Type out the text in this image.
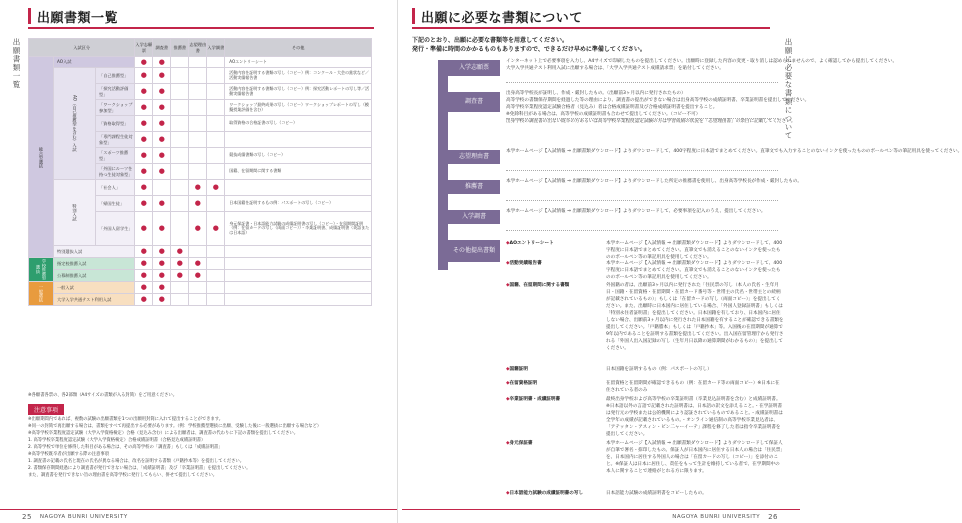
出願書類一覧
出願書類一覧
入試区分			入学志願票	調査書	推薦書	志望理由書	入学調書	その他
総合型選抜	AO入試		●	●				AOエントリーシート
	AO（自己推薦型を含む）入試	「自己推薦型」	●	●				活動内容を証明する書類の写し（コピー）例：コンクール・大会の賞状など／活動実績報告書
		「探究活動評価型」	●	●				活動内容を証明する書類の写し（コピー）例：探究活動レポートの写し等／活動実績報告書
		「ワークショップ参加型」	●	●				ワークショップ最終成果の写し（コピー）ワークショップレポートの写し（模擬授業評価を含む）
		「資格取得型」	●	●				取得資格の合格証書の写し（コピー）
		「専門課程生徒対象型」	●	●				
		「スポーツ推薦型」	●	●				競技成績書類の写し（コピー）
		「外国にルーツを持つ生徒対象型」	●	●				国籍、在留期間に関する書類
	特別入試	「社会人」	●			●	●	
		「帰国生徒」	●	●		●		日本国籍を証明するもの例：パスポートの写し（コピー）
		「外国人留学生」	●	●		●	●	身元保証書・日本語能力試験の成績証明書の写し（コピー）・在留期間証明（例：在留カードの写し（両面コピー））・卒業証明書、成績証明書（英語または日本語）
	特別選抜入試		●	●	●			
学校推薦型選抜	指定校推薦入試		●	●	●	●		
	公募制推薦入試		●	●	●	●		
一般選抜	一般入試		●	●				
	大学入学共通テスト利用入試		●	●				
※各願書各票の、各2部類（A4サイズの書類が入る封筒）をご用意ください。
注意事項
※出願期間内であれば、複数の試験の出願書類を1つの出願用封筒に入れて提出することができます。
※同一の封筒で再出願する場合は、書類をすべて再提出する必要があります。（例：学校推薦型選抜に出願、受験した後に一般選抜に出願する場合など）
※高等学校卒業程度認定試験（大学入学資格検定）合格（見込み含む）による出願者は、調査書の代わりに下記の書類を提出してください。
1. 高等学校卒業程度認定試験（大学入学資格検定）合格成績証明書（合格見込成績証明書）
2. 高等学校で単位を修得した科目がある場合は、その高等学校の「調査書」もしくは「成績証明書」
※高等学校既卒者が出願する際の注意事項
1. 調査書の記載の氏名と現在の氏名が異なる場合は、改名を証明する書類（戸籍抄本等）を提出してください。
2. 書類保存期間経過により調査書が発行できない場合は、「成績証明書」及び「卒業証明書」を提出してください。
また、調査書を発行できない旨の理由書を高等学校に発行してもらい、併せて提出してください。
25 NAGOYA BUNRI UNIVERSITY
出願に必要な書類について
出願に必要な書類について
下記のとおり、出願に必要な書類等を用意してください。
発行・準備に時間のかかるものもありますので、できるだけ早めに準備してください。
入学志願票
インターネット上で必要事項を入力し、A4サイズで印刷したものを提出してください。出願時に登録した内容の変更・取り消しは認められませんので、よく確認してから提出してください。
大学入学共通テスト利用入試に出願する場合は、「大学入学共通テスト成績請求票」を貼付してください。
調査書
出身高等学校長が証明し、作成・厳封したもの。（出願前3ヶ月以内に発行されたもの）
高等学校の書類保存期間を経過した等の理由により、調査書の提出ができない場合は出身高等学校の成績証明書、卒業証明書を提出してください。
高等学校卒業程度認定試験合格者（見込み）者は合格成績証明書及び合格成績証明書を提出すること。
※免除科目がある場合は、高等学校の成績証明書も合わせて提出してください。（コピー不可）
出身学校の調査書の出ない既卒の方あるいは高等学校卒業程度認定試験の方は学習成績の状況を「志望理由書」の余白に記載してください。
志望理由書
本学ホームページ【入試情報 ⇒ 出願書類ダウンロード】よりダウンロードして、400字程度に日本語でまとめてください。直筆文でも入力することのないインクを使ったもののボールペン等の筆記用具を使ってください。
推薦書
本学ホームページ【入試情報 ⇒ 出願書類ダウンロード】よりダウンロードした所定の推薦書を使用し、出身高等学校長が作成・厳封したもの。
入学調書
本学ホームページ【入試情報 ⇒ 出願書類ダウンロード】よりダウンロードして、必要事項を記入のうえ、提出してください。
その他提出書類
◆AOエントリーシート	本学ホームページ【入試情報 ⇒ 出願書類ダウンロード】よりダウンロードして、400字程度に日本語でまとめてください。直筆文でも消えることのないインクを使ったもののボールペン等の筆記用具を使用してください。
◆活動実績報告書	本学ホームページ【入試情報 ⇒ 出願書類ダウンロード】よりダウンロードして、400字程度に日本語でまとめてください。直筆文でも消えることのないインクを使ったもののボールペン等の筆記用具を使用してください。
◆国籍、在留期間に関する書類	外国籍の者は、出願前3ヶ月以内に発行された「住民票の写し（本人の氏名・生年月日・国籍・在留資格・在留期間・在留カード番号等・世帯主の氏名・世帯主との続柄が記載されているもの）」もしくは「在留カードの写し（両面コピー）」を提出してください。また、出願時に日本国内に居住している場合、「外国人登録証明書」もしくは「特別永住者証明書」を提出してください。日本国籍を有しており、日本国内に居住しない場合、出願前3ヶ月以内に発行された日本国籍を有することが確認できる書類を提出してください。「戸籍謄本」もしくは「戸籍抄本」等。入国後の在留期間が通算で9年以内であることを証明する書類を提出してください。出入国在留管理庁から発行される「外国人出入国記録の写し（生年月日以降の通算期間がわかるもの）」を提出してください。
◆国籍証明	日本国籍を証明するもの（例：パスポートの写し）
◆在留資格証明	在留資格と在留期間が確認できるもの（例：在留カード等の両面コピー）※日本に在住されている者のみ
◆卒業証明書・成績証明書	最終出身学校および高等学校の卒業証明書（卒業見込証明書を含む）と成績証明書。※日本語以外の言語で記載された証明書は、日本語の訳文を添えること。・在学証明書は発行元の学校または公的機関により認証されているものであること。・成績証明書は全学年の成績が記載されているもの。・オンライン通信制の高等学校卒業見込者は、「アテッタン・アスィン・ビン二ャーイーテ」課程を修了した者は指令卒業証明書を提出してください。
◆身元保証書	本学ホームページ【入試情報 ⇒ 出願書類ダウンロード】よりダウンロードして保証人が自筆で署名・捺印したもの。保証人が日本国内に居住する日本人の場合は「住民票」を、日本国内に居住する外国人の場合は「在留カードの写し（コピー）」を添付のこと。※保証人は日本に居住し、責任をもって生計を維持している者で、在学期間中の本人に関することで連絡がとれる方に限ります。
◆日本語能力試験の成績証明書の写し	日本語能力試験の成績証明書をコピーしたもの。
NAGOYA BUNRI UNIVERSITY 26
